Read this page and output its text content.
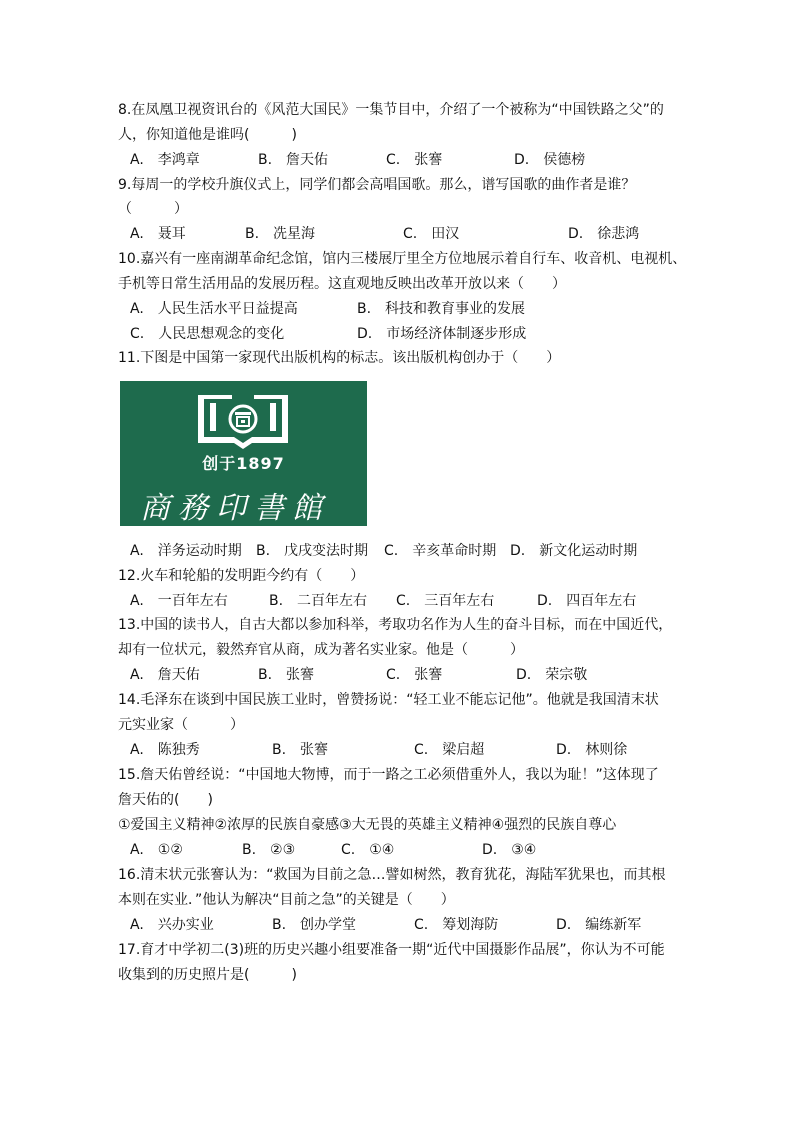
8.在凤凰卫视资讯台的《风范大国民》一集节目中，介绍了一个被称为“中国铁路之父”的
人，你知道他是谁吗(　　　)
A.　李鸿章	B.　詹天佑	C.　张謇	D.　侯德榜
9.每周一的学校升旗仪式上，同学们都会高唱国歌。那么，谱写国歌的曲作者是谁？
（　　　）
A.　聂耳	B.　冼星海	C.　田汉	D.　徐悲鸿
10.嘉兴有一座南湖革命纪念馆，馆内三楼展厅里全方位地展示着自行车、收音机、电视机、
手机等日常生活用品的发展历程。这直观地反映出改革开放以来（　　）
A.　人民生活水平日益提高	B.　科技和教育事业的发展
C.　人民思想观念的变化	D.　市场经济体制逐步形成
11.下图是中国第一家现代出版机构的标志。该出版机构创办于（　　）
创于1897
商務印書館
A.　洋务运动时期 B.　戊戌变法时期 C.　辛亥革命时期 D.　新文化运动时期
12.火车和轮船的发明距今约有（　　）
A.　一百年左右	B.　二百年左右 C.　三百年左右	D.　四百年左右
13.中国的读书人，自古大都以参加科举，考取功名作为人生的奋斗目标，而在中国近代，
却有一位状元，毅然弃官从商，成为著名实业家。他是（　　　）
A.　詹天佑	B.　张謇	C.　张謇	D.　荣宗敬
14.毛泽东在谈到中国民族工业时，曾赞扬说：“轻工业不能忘记他”。他就是我国清末状
元实业家（　　　）
A.　陈独秀	B.　张謇	C.　梁启超	D.　林则徐
15.詹天佑曾经说：“中国地大物博，而于一路之工必须借重外人，我以为耻！”这体现了
詹天佑的(　　)
①爱国主义精神②浓厚的民族自豪感③大无畏的英雄主义精神④强烈的民族自尊心
A.　①②	B.　②③	C.　①④	D.　③④
16.清末状元张謇认为：“救国为目前之急…譬如树然，教育犹花，海陆军犹果也，而其根
本则在实业．”他认为解决“目前之急”的关键是（　　）
A.　兴办实业	B.　创办学堂	C.　筹划海防	D.　编练新军
17.育才中学初二(3)班的历史兴趣小组要准备一期“近代中国摄影作品展”，你认为不可能
收集到的历史照片是(　　　)
